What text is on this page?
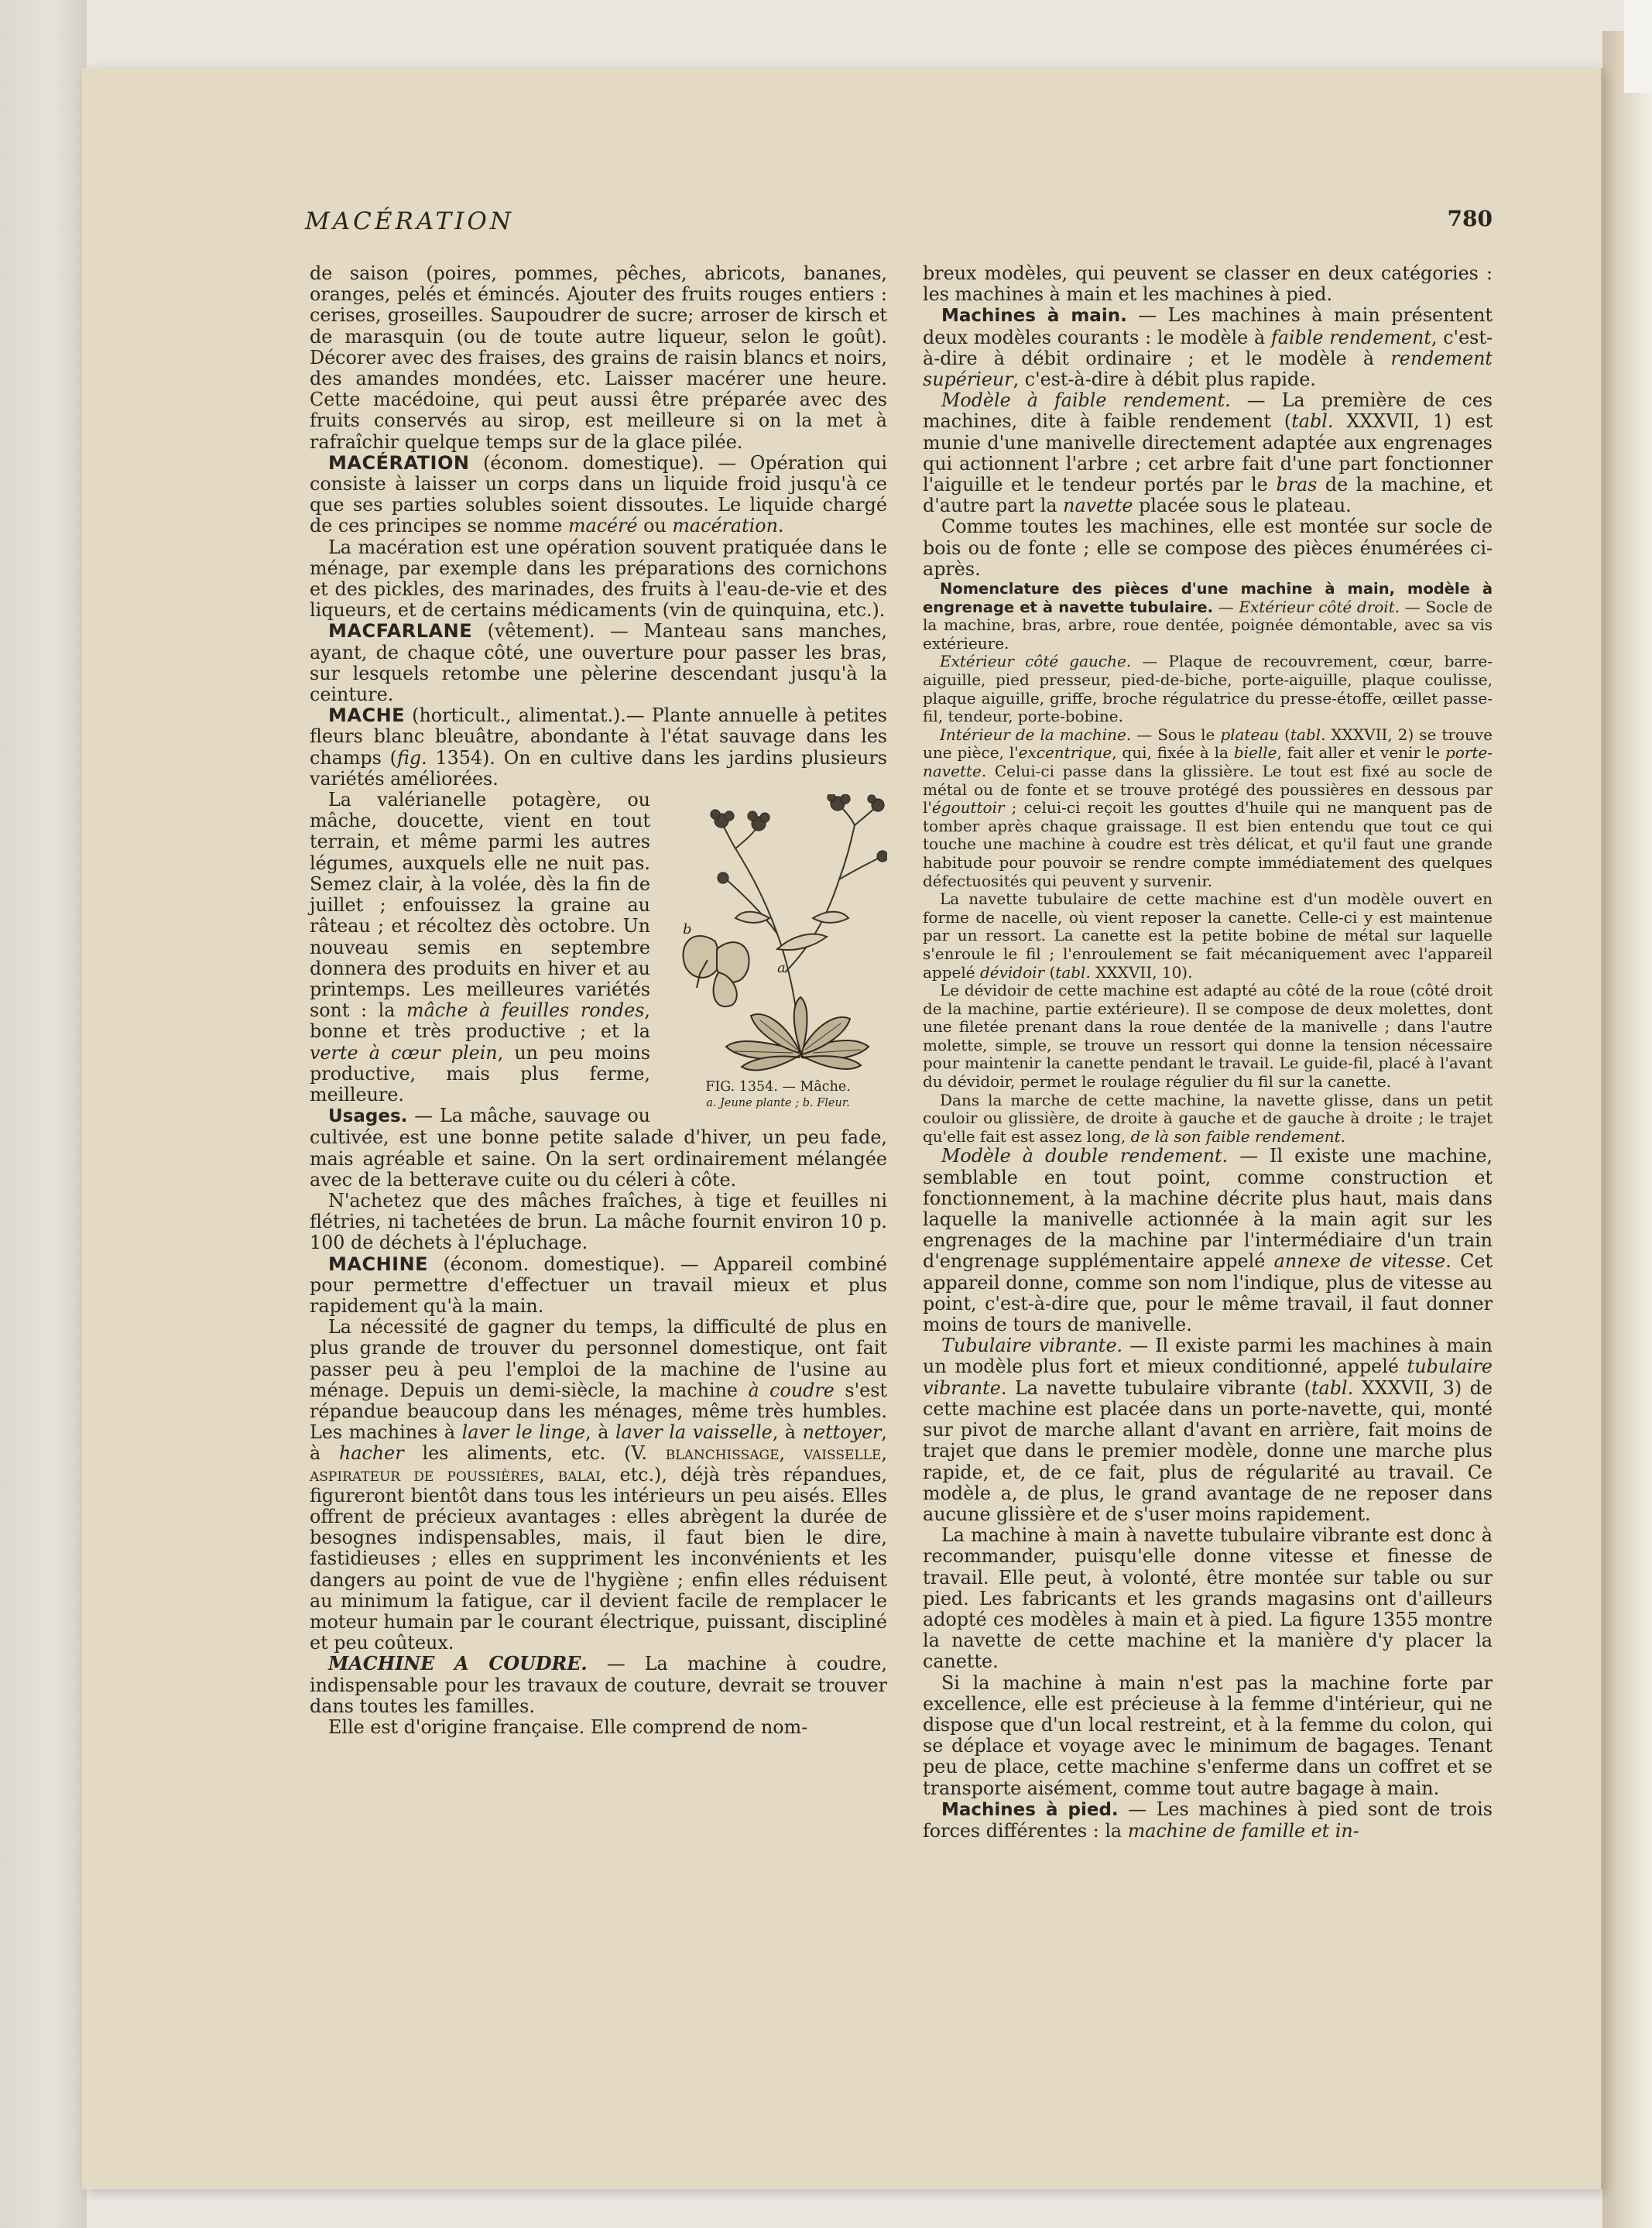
MACÉRATION	780

de saison (poires, pommes, pêches, abricots, bananes, oranges, pelés et émincés. Ajouter des fruits rouges entiers : cerises, groseilles. Saupoudrer de sucre; arroser de kirsch et de marasquin (ou de toute autre liqueur, selon le goût). Décorer avec des fraises, des grains de raisin blancs et noirs, des amandes mondées, etc. Laisser macérer une heure. Cette macédoine, qui peut aussi être préparée avec des fruits conservés au sirop, est meilleure si on la met à rafraîchir quelque temps sur de la glace pilée.

MACÉRATION (économ. domestique). — Opération qui consiste à laisser un corps dans un liquide froid jusqu'à ce que ses parties solubles soient dissoutes. Le liquide chargé de ces principes se nomme macéré ou macération.

La macération est une opération souvent pratiquée dans le ménage, par exemple dans les préparations des cornichons et des pickles, des marinades, des fruits à l'eau-de-vie et des liqueurs, et de certains médicaments (vin de quinquina, etc.).

MACFARLANE (vêtement). — Manteau sans manches, ayant, de chaque côté, une ouverture pour passer les bras, sur lesquels retombe une pèlerine descendant jusqu'à la ceinture.

MACHE (horticult., alimentat.).— Plante annuelle à petites fleurs blanc bleuâtre, abondante à l'état sauvage dans les champs (fig. 1354). On en cultive dans les jardins plusieurs variétés améliorées.

a
b
FIG. 1354. — Mâche.
a. Jeune plante ; b. Fleur.

La valérianelle potagère, ou mâche, doucette, vient en tout terrain, et même parmi les autres légumes, auxquels elle ne nuit pas. Semez clair, à la volée, dès la fin de juillet ; enfouissez la graine au râteau ; et récoltez dès octobre. Un nouveau semis en septembre donnera des produits en hiver et au printemps. Les meilleures variétés sont : la mâche à feuilles rondes, bonne et très productive ; et la verte à cœur plein, un peu moins productive, mais plus ferme, meilleure.

Usages. — La mâche, sauvage ou cultivée, est une bonne petite salade d'hiver, un peu fade, mais agréable et saine. On la sert ordinairement mélangée avec de la betterave cuite ou du céleri à côte.

N'achetez que des mâches fraîches, à tige et feuilles ni flétries, ni tachetées de brun. La mâche fournit environ 10 p. 100 de déchets à l'épluchage.

MACHINE (économ. domestique). — Appareil combiné pour permettre d'effectuer un travail mieux et plus rapidement qu'à la main.

La nécessité de gagner du temps, la difficulté de plus en plus grande de trouver du personnel domestique, ont fait passer peu à peu l'emploi de la machine de l'usine au ménage. Depuis un demi-siècle, la machine à coudre s'est répandue beaucoup dans les ménages, même très humbles. Les machines à laver le linge, à laver la vaisselle, à nettoyer, à hacher les aliments, etc. (V. blanchissage, vaisselle, aspirateur de poussières, balai, etc.), déjà très répandues, figureront bientôt dans tous les intérieurs un peu aisés. Elles offrent de précieux avantages : elles abrègent la durée de besognes indispensables, mais, il faut bien le dire, fastidieuses ; elles en suppriment les inconvénients et les dangers au point de vue de l'hygiène ; enfin elles réduisent au minimum la fatigue, car il devient facile de remplacer le moteur humain par le courant électrique, puissant, discipliné et peu coûteux.

MACHINE A COUDRE. — La machine à coudre, indispensable pour les travaux de couture, devrait se trouver dans toutes les familles.

Elle est d'origine française. Elle comprend de nom-

breux modèles, qui peuvent se classer en deux catégories : les machines à main et les machines à pied.

Machines à main. — Les machines à main présentent deux modèles courants : le modèle à faible rendement, c'est-à-dire à débit ordinaire ; et le modèle à rendement supérieur, c'est-à-dire à débit plus rapide.

Modèle à faible rendement. — La première de ces machines, dite à faible rendement (tabl. XXXVII, 1) est munie d'une manivelle directement adaptée aux engrenages qui actionnent l'arbre ; cet arbre fait d'une part fonctionner l'aiguille et le tendeur portés par le bras de la machine, et d'autre part la navette placée sous le plateau.

Comme toutes les machines, elle est montée sur socle de bois ou de fonte ; elle se compose des pièces énumérées ci-après.

Nomenclature des pièces d'une machine à main, modèle à engrenage et à navette tubulaire. — Extérieur côté droit. — Socle de la machine, bras, arbre, roue dentée, poignée démontable, avec sa vis extérieure.

Extérieur côté gauche. — Plaque de recouvrement, cœur, barre-aiguille, pied presseur, pied-de-biche, porte-aiguille, plaque coulisse, plaque aiguille, griffe, broche régulatrice du presse-étoffe, œillet passe-fil, tendeur, porte-bobine.

Intérieur de la machine. — Sous le plateau (tabl. XXXVII, 2) se trouve une pièce, l'excentrique, qui, fixée à la bielle, fait aller et venir le porte-navette. Celui-ci passe dans la glissière. Le tout est fixé au socle de métal ou de fonte et se trouve protégé des poussières en dessous par l'égouttoir ; celui-ci reçoit les gouttes d'huile qui ne manquent pas de tomber après chaque graissage. Il est bien entendu que tout ce qui touche une machine à coudre est très délicat, et qu'il faut une grande habitude pour pouvoir se rendre compte immédiatement des quelques défectuosités qui peuvent y survenir.

La navette tubulaire de cette machine est d'un modèle ouvert en forme de nacelle, où vient reposer la canette. Celle-ci y est maintenue par un ressort. La canette est la petite bobine de métal sur laquelle s'enroule le fil ; l'enroulement se fait mécaniquement avec l'appareil appelé dévidoir (tabl. XXXVII, 10).

Le dévidoir de cette machine est adapté au côté de la roue (côté droit de la machine, partie extérieure). Il se compose de deux molettes, dont une filetée prenant dans la roue dentée de la manivelle ; dans l'autre molette, simple, se trouve un ressort qui donne la tension nécessaire pour maintenir la canette pendant le travail. Le guide-fil, placé à l'avant du dévidoir, permet le roulage régulier du fil sur la canette.

Dans la marche de cette machine, la navette glisse, dans un petit couloir ou glissière, de droite à gauche et de gauche à droite ; le trajet qu'elle fait est assez long, de là son faible rendement.

Modèle à double rendement. — Il existe une machine, semblable en tout point, comme construction et fonctionnement, à la machine décrite plus haut, mais dans laquelle la manivelle actionnée à la main agit sur les engrenages de la machine par l'intermédiaire d'un train d'engrenage supplémentaire appelé annexe de vitesse. Cet appareil donne, comme son nom l'indique, plus de vitesse au point, c'est-à-dire que, pour le même travail, il faut donner moins de tours de manivelle.

Tubulaire vibrante. — Il existe parmi les machines à main un modèle plus fort et mieux conditionné, appelé tubulaire vibrante. La navette tubulaire vibrante (tabl. XXXVII, 3) de cette machine est placée dans un porte-navette, qui, monté sur pivot de marche allant d'avant en arrière, fait moins de trajet que dans le premier modèle, donne une marche plus rapide, et, de ce fait, plus de régularité au travail. Ce modèle a, de plus, le grand avantage de ne reposer dans aucune glissière et de s'user moins rapidement.

La machine à main à navette tubulaire vibrante est donc à recommander, puisqu'elle donne vitesse et finesse de travail. Elle peut, à volonté, être montée sur table ou sur pied. Les fabricants et les grands magasins ont d'ailleurs adopté ces modèles à main et à pied. La figure 1355 montre la navette de cette machine et la manière d'y placer la canette.

Si la machine à main n'est pas la machine forte par excellence, elle est précieuse à la femme d'intérieur, qui ne dispose que d'un local restreint, et à la femme du colon, qui se déplace et voyage avec le minimum de bagages. Tenant peu de place, cette machine s'enferme dans un coffret et se transporte aisément, comme tout autre bagage à main.

Machines à pied. — Les machines à pied sont de trois forces différentes : la machine de famille et in-
